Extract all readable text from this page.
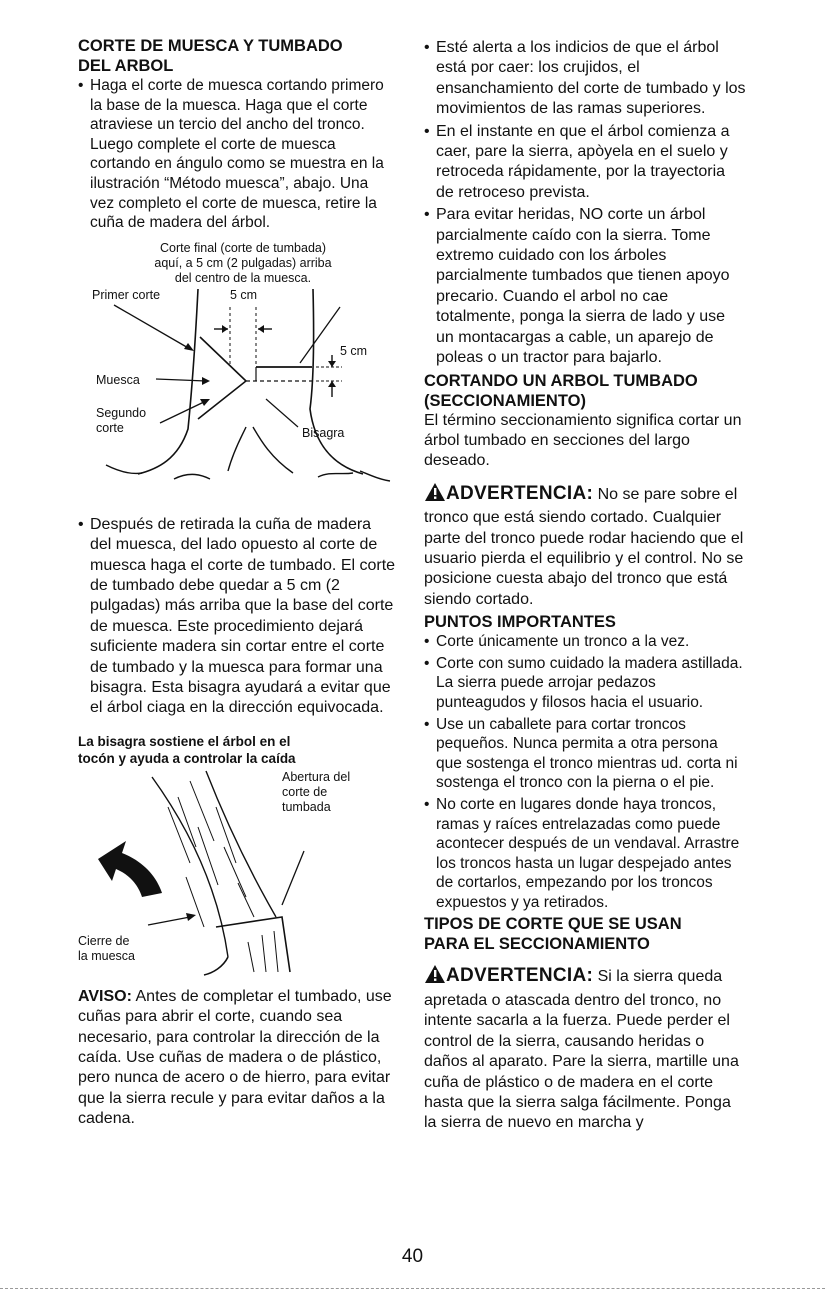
CORTE DE MUESCA Y TUMBADO
DEL ARBOL

• Haga el corte de muesca cortando primero la base de la muesca. Haga que el corte atraviese un tercio del ancho del tronco. Luego complete el corte de muesca cortando en ángulo como se muestra en la ilustración “Método muesca”, abajo. Una vez completo el corte de muesca, retire la cuña de madera del árbol.
Corte final (corte de tumbada)
aquí, a 5 cm (2 pulgadas) arriba
del centro de la muesca.
Primer corte	5 cm
5 cm
Muesca
Segundo
corte	Bisagra
• Después de retirada la cuña de madera del muesca, del lado opuesto al corte de muesca haga el corte de tumbado. El corte de tumbado debe quedar a 5 cm (2 pulgadas) más arriba que la base del corte de muesca. Este procedimiento dejará suficiente madera sin cortar entre el corte de tumbado y la muesca para formar una bisagra. Esta bisagra ayudará a evitar que el árbol ciaga en la dirección equivocada.

La bisagra sostiene el árbol en el

tocón y ayuda a controlar la caída

Abertura del
corte de
tumbada
Cierre de
la muesca

AVISO: Antes de completar el tumbado, use cuñas para abrir el corte, cuando sea necesario, para controlar la dirección de la caída. Use cuñas de madera o de plástico, pero nunca de acero o de hierro, para evitar que la sierra recule y para evitar daños a la cadena.

• Esté alerta a los indicios de que el árbol está por caer: los crujidos, el ensanchamiento del corte de tumbado y los movimientos de las ramas superiores.
• En el instante en que el árbol comienza a caer, pare la sierra, apòyela en el suelo y retroceda rápidamente, por la trayectoria de retroceso prevista.
• Para evitar heridas, NO corte un árbol parcialmente caído con la sierra. Tome extremo cuidado con los árboles parcialmente tumbados que tienen apoyo precario. Cuando el arbol no cae totalmente, ponga la sierra de lado y use un montacargas a cable, un aparejo de poleas o un tractor para bajarlo.

CORTANDO UN ARBOL TUMBADO
(SECCIONAMIENTO)

El término seccionamiento significa cortar un árbol tumbado en secciones del largo deseado.

ADVERTENCIA: No se pare sobre el tronco que está siendo cortado. Cualquier parte del tronco puede rodar haciendo que el usuario pierda el equilibrio y el control. No se posicione cuesta abajo del tronco que está siendo cortado.

PUNTOS IMPORTANTES

• Corte únicamente un tronco a la vez.
• Corte con sumo cuidado la madera astillada. La sierra puede arrojar pedazos punteagudos y filosos hacia el usuario.
• Use un caballete para cortar troncos pequeños. Nunca permita a otra persona que sostenga el tronco mientras ud. corta ni sostenga el tronco con la pierna o el pie.
• No corte en lugares donde haya troncos, ramas y raíces entrelazadas como puede acontecer después de un vendaval. Arrastre los troncos hasta un lugar despejado antes de cortarlos, empezando por los troncos expuestos y ya retirados.

TIPOS DE CORTE QUE SE USAN
PARA EL SECCIONAMIENTO

ADVERTENCIA: Si la sierra queda apretada o atascada dentro del tronco, no intente sacarla a la fuerza. Puede perder el control de la sierra, causando heridas o daños al aparato. Pare la sierra, martille una cuña de plástico o de madera en el corte hasta que la sierra salga fácilmente. Ponga la sierra de nuevo en marcha y

40
